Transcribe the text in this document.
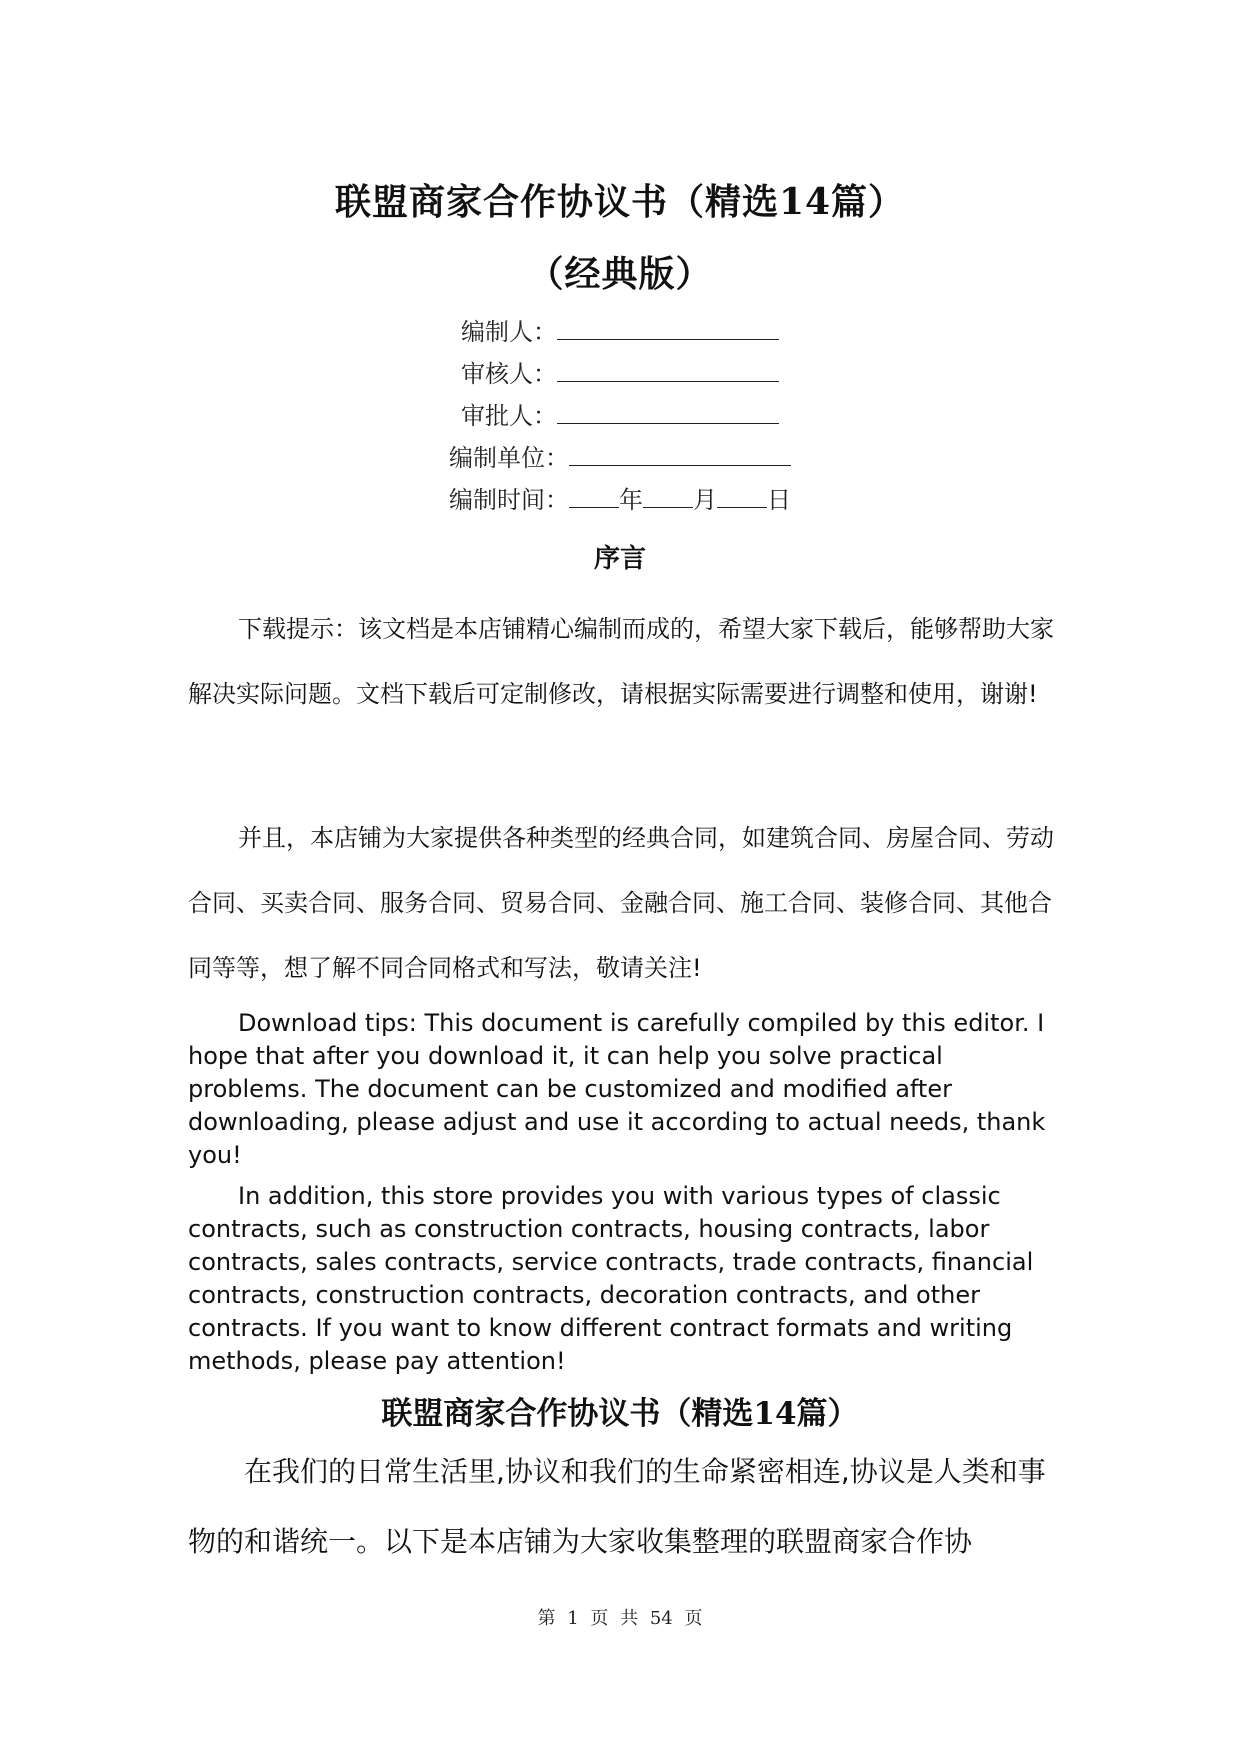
联盟商家合作协议书（精选14篇）
（经典版）
编制人：
审核人：
审批人：
编制单位：
编制时间： 年 月 日
序言

下载提示：该文档是本店铺精心编制而成的，希望大家下载后，能够帮助大家解决实际问题。文档下载后可定制修改，请根据实际需要进行调整和使用，谢谢!

并且，本店铺为大家提供各种类型的经典合同，如建筑合同、房屋合同、劳动合同、买卖合同、服务合同、贸易合同、金融合同、施工合同、装修合同、其他合同等等，想了解不同合同格式和写法，敬请关注!

Download tips: This document is carefully compiled by this editor. I hope that after you download it, it can help you solve practical problems. The document can be customized and modified after downloading, please adjust and use it according to actual needs, thank you!

In addition, this store provides you with various types of classic contracts, such as construction contracts, housing contracts, labor contracts, sales contracts, service contracts, trade contracts, financial contracts, construction contracts, decoration contracts, and other contracts. If you want to know different contract formats and writing methods, please pay attention!

联盟商家合作协议书（精选14篇）

在我们的日常生活里,协议和我们的生命紧密相连,协议是人类和事物的和谐统一。以下是本店铺为大家收集整理的联盟商家合作协

第 1 页 共 54 页
